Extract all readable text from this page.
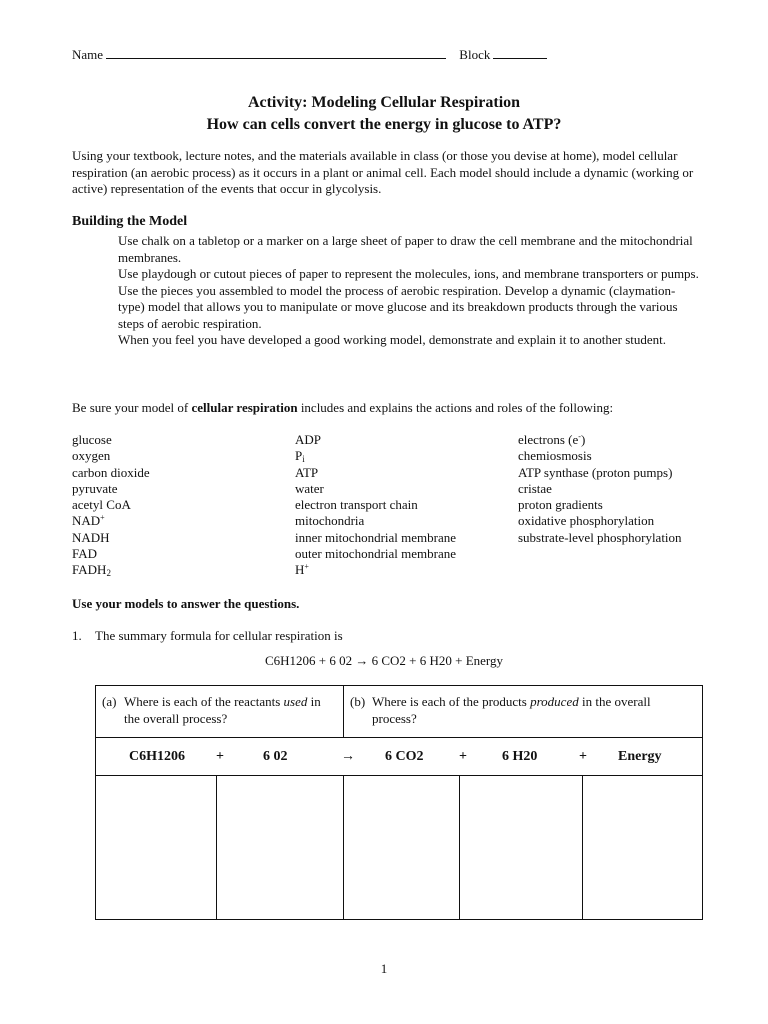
Name	Block
Activity: Modeling Cellular Respiration
How can cells convert the energy in glucose to ATP?
Using your textbook, lecture notes, and the materials available in class (or those you devise at home), model cellular respiration (an aerobic process) as it occurs in a plant or animal cell. Each model should include a dynamic (working or active) representation of the events that occur in glycolysis.
Building the Model

Use chalk on a tabletop or a marker on a large sheet of paper to draw the cell membrane and the mitochondrial membranes.

Use playdough or cutout pieces of paper to represent the molecules, ions, and membrane transporters or pumps.

Use the pieces you assembled to model the process of aerobic respiration. Develop a dynamic (claymation-type) model that allows you to manipulate or move glucose and its breakdown products through the various steps of aerobic respiration.

When you feel you have developed a good working model, demonstrate and explain it to another student.

Be sure your model of cellular respiration includes and explains the actions and roles of the following:
glucose
oxygen
carbon dioxide
pyruvate
acetyl CoA
NAD+
NADH
FAD
$FADH_2$
ADP
$P_i$
ATP
water
electron transport chain
mitochondria
inner mitochondrial membrane
outer mitochondrial membrane
H+
electrons (e-)
chemiosmosis
ATP synthase (proton pumps)
cristae
proton gradients
oxidative phosphorylation
substrate-level phosphorylation
Use your models to answer the questions.
1. The summary formula for cellular respiration is
C6H1206 + 6 02 → 6 CO2 + 6 H20 + Energy
(a) Where is each of the reactants used in the overall process?
(b) Where is each of the products produced in the overall process?
C6H1206 +	6 02	→ 6 CO2	+	6 H20	+ Energy
1
